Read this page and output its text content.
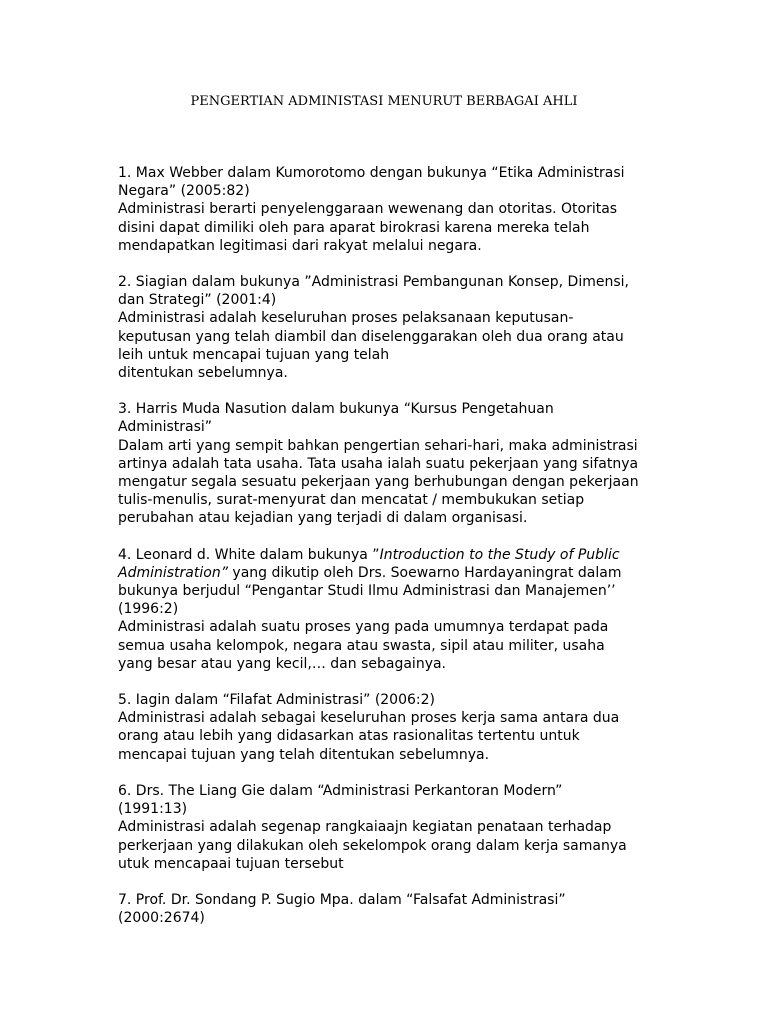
PENGERTIAN ADMINISTASI MENURUT BERBAGAI AHLI

1. Max Webber dalam Kumorotomo dengan bukunya “Etika Administrasi
Negara” (2005:82)

Administrasi berarti penyelenggaraan wewenang dan otoritas. Otoritas
disini dapat dimiliki oleh para aparat birokrasi karena mereka telah
mendapatkan legitimasi dari rakyat melalui negara.

2. Siagian dalam bukunya ”Administrasi Pembangunan Konsep, Dimensi,
dan Strategi” (2001:4)

Administrasi adalah keseluruhan proses pelaksanaan keputusan-
keputusan yang telah diambil dan diselenggarakan oleh dua orang atau
leih untuk mencapai tujuan yang telah
ditentukan sebelumnya.

3. Harris Muda Nasution dalam bukunya “Kursus Pengetahuan
Administrasi”

Dalam arti yang sempit bahkan pengertian sehari-hari, maka administrasi
artinya adalah tata usaha. Tata usaha ialah suatu pekerjaan yang sifatnya
mengatur segala sesuatu pekerjaan yang berhubungan dengan pekerjaan
tulis-menulis, surat-menyurat dan mencatat / membukukan setiap
perubahan atau kejadian yang terjadi di dalam organisasi.

4. Leonard d. White dalam bukunya ”Introduction to the Study of Public
Administration” yang dikutip oleh Drs. Soewarno Hardayaningrat dalam
bukunya berjudul “Pengantar Studi Ilmu Administrasi dan Manajemen’’
(1996:2)

Administrasi adalah suatu proses yang pada umumnya terdapat pada
semua usaha kelompok, negara atau swasta, sipil atau militer, usaha
yang besar atau yang kecil,… dan sebagainya.

5. Iagin dalam “Filafat Administrasi” (2006:2)

Administrasi adalah sebagai keseluruhan proses kerja sama antara dua
orang atau lebih yang didasarkan atas rasionalitas tertentu untuk
mencapai tujuan yang telah ditentukan sebelumnya.

6. Drs. The Liang Gie dalam “Administrasi Perkantoran Modern”
(1991:13)

Administrasi adalah segenap rangkaiaajn kegiatan penataan terhadap
perkerjaan yang dilakukan oleh sekelompok orang dalam kerja samanya
utuk mencapaai tujuan tersebut

7. Prof. Dr. Sondang P. Sugio Mpa. dalam “Falsafat Administrasi”
(2000:2674)
